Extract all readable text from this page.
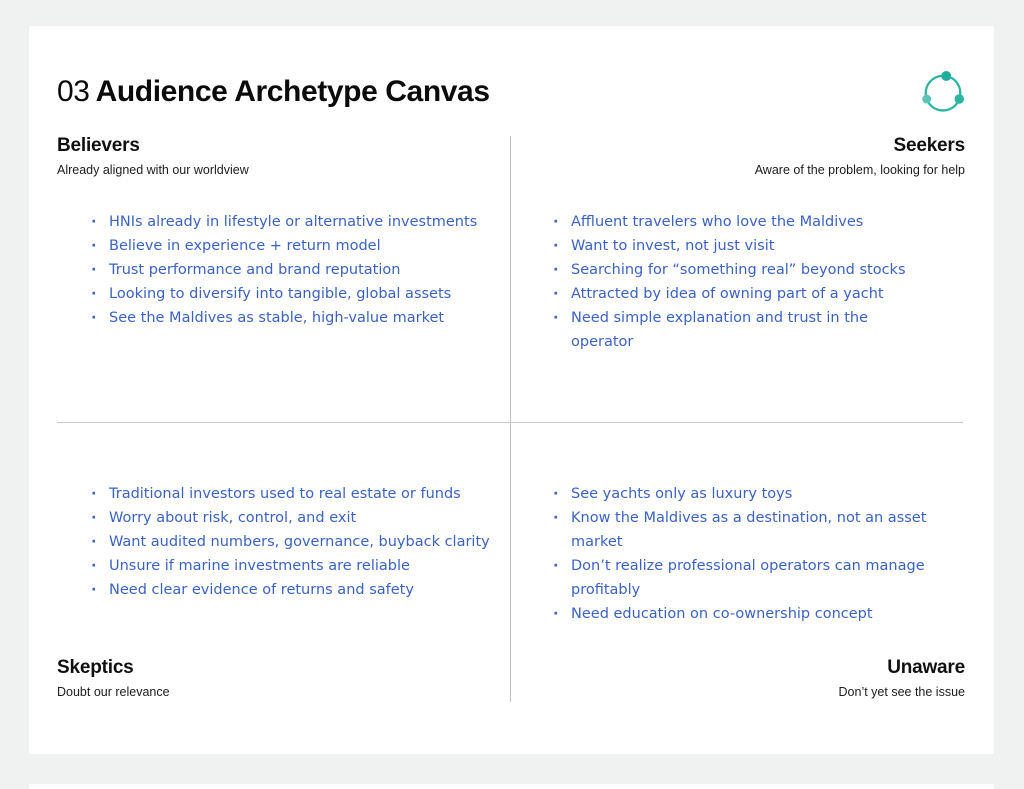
03 Audience Archetype Canvas
Believers
Already aligned with our worldview
Seekers
Aware of the problem, looking for help
Skeptics
Doubt our relevance
Unaware
Don’t yet see the issue
· HNIs already in lifestyle or alternative investments
· Believe in experience + return model
· Trust performance and brand reputation
· Looking to diversify into tangible, global assets
· See the Maldives as stable, high-value market
· Affluent travelers who love the Maldives
· Want to invest, not just visit
· Searching for “something real” beyond stocks
· Attracted by idea of owning part of a yacht
· Need simple explanation and trust in the operator
· Traditional investors used to real estate or funds
· Worry about risk, control, and exit
· Want audited numbers, governance, buyback clarity
· Unsure if marine investments are reliable
· Need clear evidence of returns and safety
· See yachts only as luxury toys
· Know the Maldives as a destination, not an asset market
· Don’t realize professional operators can manage profitably
· Need education on co-ownership concept
